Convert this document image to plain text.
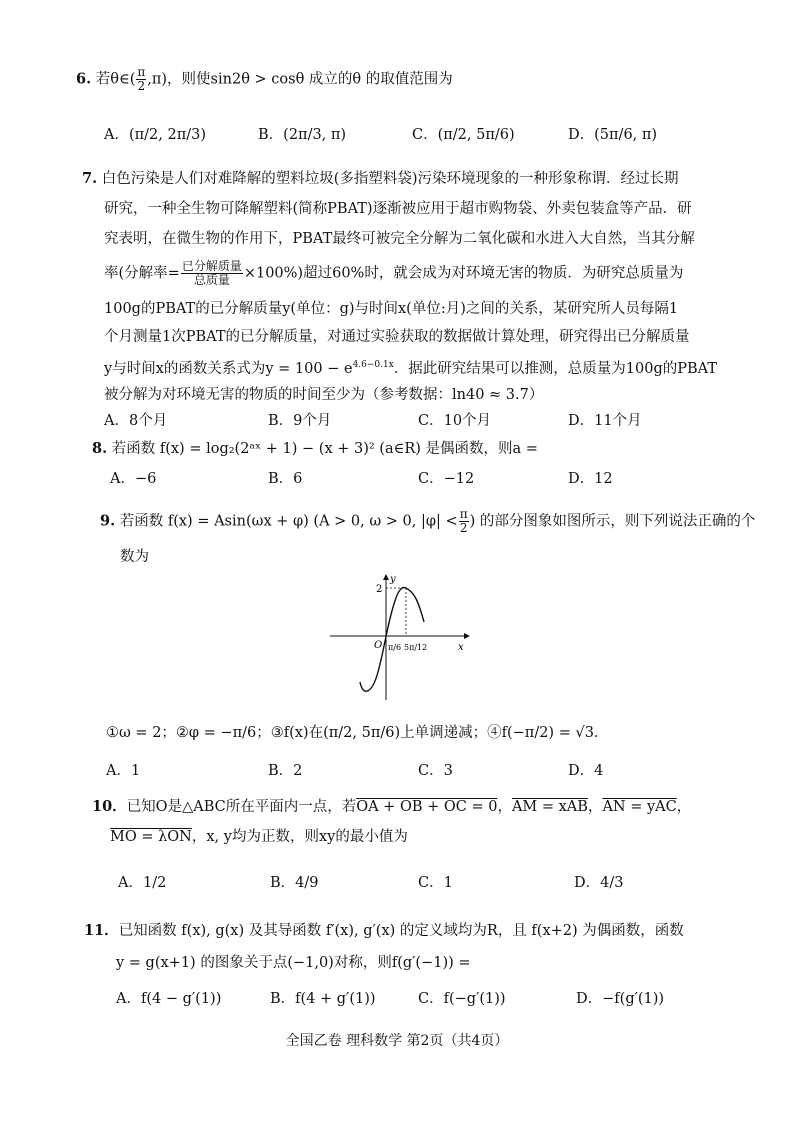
6. 若θ∈( $\frac{\pi}{2} ,\pi$)，则使sin2θ > cosθ 成立的θ 的取值范围为
A．(π/2, 2π/3)	B．(2π/3, π)	C．(π/2, 5π/6)	D．(5π/6, π)
7. 白色污染是人们对难降解的塑料垃圾(多指塑料袋)污染环境现象的一种形象称谓．经过长期
研究，一种全生物可降解塑料(简称PBAT)逐渐被应用于超市购物袋、外卖包装盒等产品．研
究表明，在微生物的作用下，PBAT最终可被完全分解为二氧化碳和水进入大自然，当其分解
率(分解率= $\frac{\text{已分解质量}}{\text{总质量}} \times 100\%$)超过60%时，就会成为对环境无害的物质．为研究总质量为
100g的PBAT的已分解质量y(单位：g)与时间x(单位:月)之间的关系，某研究所人员每隔1
个月测量1次PBAT的已分解质量，对通过实验获取的数据做计算处理，研究得出已分解质量
y与时间x的函数关系式为$y = 100 - e^{4.6-0.1x}$．据此研究结果可以推测，总质量为100g的PBAT
被分解为对环境无害的物质的时间至少为（参考数据：ln40 ≈ 3.7）
A．8个月	B．9个月	C．10个月	D．11个月
8. 若函数 f(x) = log₂(2ᵃˣ + 1) − (x + 3)² (a∈R) 是偶函数，则a =
A．−6	B．6	C．−12	D．12
9. 若函数 f(x) = Asin(ωx + φ) (A > 0, ω > 0, $|\varphi| < \frac{\pi}{2}$ ) 的部分图象如图所示，则下列说法正确的个
数为
y
x
O
2
π/6 5π/12
①ω = 2；②φ = −π/6；③f(x)在(π/2, 5π/6)上单调递减；④f(−π/2) = √3．
A．1	B．2	C．3	D．4
10．已知O是△ABC所在平面内一点，若OA + OB + OC = 0，AM = xAB，AN = yAC，
MO = λON，x, y均为正数，则xy的最小值为
A．1/2	B．4/9	C．1	D．4/3
11．已知函数 f(x), g(x) 及其导函数 f′(x), g′(x) 的定义域均为R，且 f(x+2) 为偶函数，函数
y = g(x+1) 的图象关于点(−1,0)对称，则f(g′(−1)) =
A．f(4 − g′(1))	B．f(4 + g′(1))	C．f(−g′(1))	D．−f(g′(1))
全国乙卷 理科数学 第2页（共4页）
